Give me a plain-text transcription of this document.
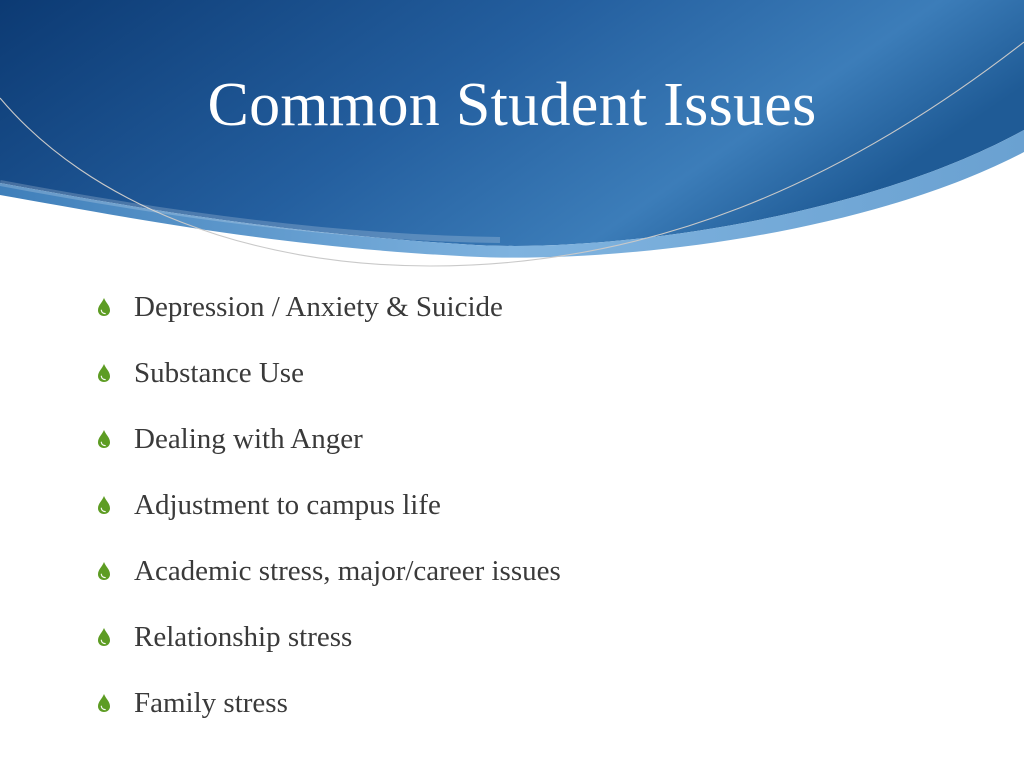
Common Student Issues
Depression / Anxiety & Suicide
Substance Use
Dealing with Anger
Adjustment to campus life
Academic stress, major/career issues
Relationship stress
Family stress
